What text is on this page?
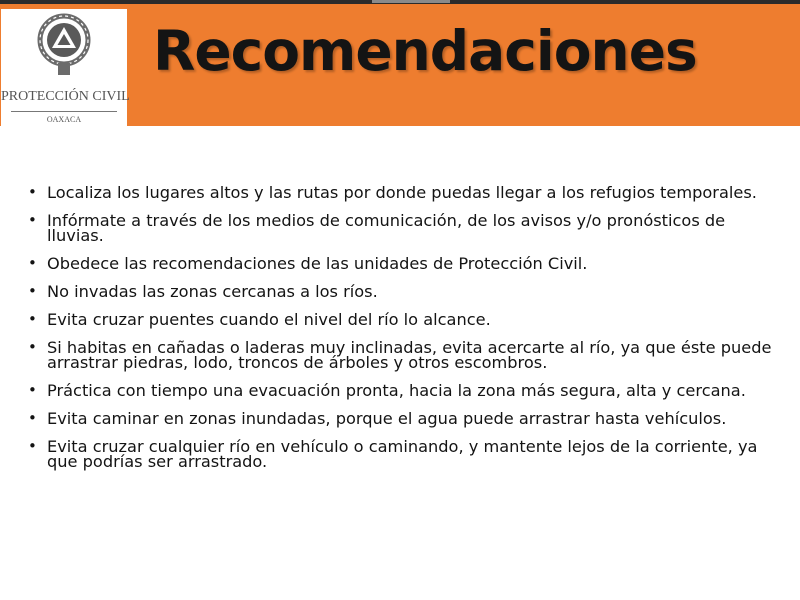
PROTECCIÓN CIVIL
OAXACA
Recomendaciones
• Localiza los lugares altos y las rutas por donde puedas llegar a los refugios temporales.
• Infórmate a través de los medios de comunicación, de los avisos y/o pronósticos de lluvias.
• Obedece las recomendaciones de las unidades de Protección Civil.
• No invadas las zonas cercanas a los ríos.
• Evita cruzar puentes cuando el nivel del río lo alcance.
• Si habitas en cañadas o laderas muy inclinadas, evita acercarte al río, ya que éste puede arrastrar piedras, lodo, troncos de árboles y otros escombros.
• Práctica con tiempo una evacuación pronta, hacia la zona más segura, alta y cercana.
• Evita caminar en zonas inundadas, porque el agua puede arrastrar hasta vehículos.
• Evita cruzar cualquier río en vehículo o caminando, y mantente lejos de la corriente, ya que podrías ser arrastrado.
